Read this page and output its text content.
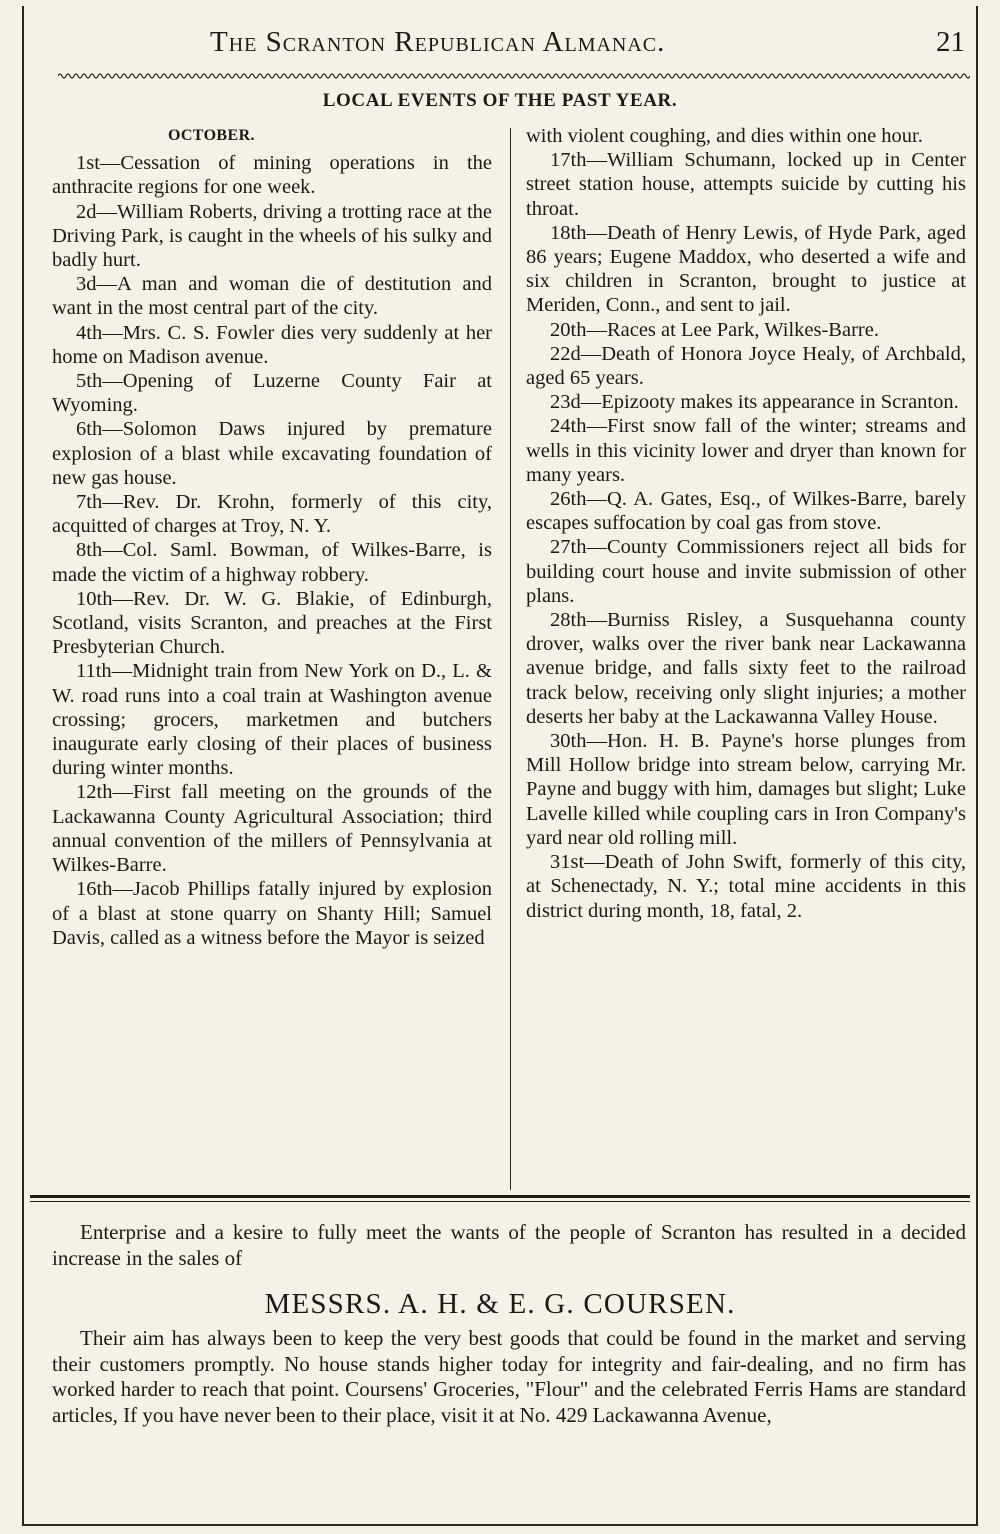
The Scranton Republican Almanac.	21
LOCAL EVENTS OF THE PAST YEAR.
OCTOBER.

1st—Cessation of mining operations in the anthracite regions for one week.

2d—William Roberts, driving a trotting race at the Driving Park, is caught in the wheels of his sulky and badly hurt.

3d—A man and woman die of destitution and want in the most central part of the city.

4th—Mrs. C. S. Fowler dies very suddenly at her home on Madison avenue.

5th—Opening of Luzerne County Fair at Wyoming.

6th—Solomon Daws injured by premature explosion of a blast while excavating foundation of new gas house.

7th—Rev. Dr. Krohn, formerly of this city, acquitted of charges at Troy, N. Y.

8th—Col. Saml. Bowman, of Wilkes-Barre, is made the victim of a highway robbery.

10th—Rev. Dr. W. G. Blakie, of Edinburgh, Scotland, visits Scranton, and preaches at the First Presbyterian Church.

11th—Midnight train from New York on D., L. & W. road runs into a coal train at Washington avenue crossing; grocers, marketmen and butchers inaugurate early closing of their places of business during winter months.

12th—First fall meeting on the grounds of the Lackawanna County Agricultural Association; third annual convention of the millers of Pennsylvania at Wilkes-Barre.

16th—Jacob Phillips fatally injured by explosion of a blast at stone quarry on Shanty Hill; Samuel Davis, called as a witness before the Mayor is seized

with violent coughing, and dies within one hour.

17th—William Schumann, locked up in Center street station house, attempts suicide by cutting his throat.

18th—Death of Henry Lewis, of Hyde Park, aged 86 years; Eugene Maddox, who deserted a wife and six children in Scranton, brought to justice at Meriden, Conn., and sent to jail.

20th—Races at Lee Park, Wilkes-Barre.

22d—Death of Honora Joyce Healy, of Archbald, aged 65 years.

23d—Epizooty makes its appearance in Scranton.

24th—First snow fall of the winter; streams and wells in this vicinity lower and dryer than known for many years.

26th—Q. A. Gates, Esq., of Wilkes-Barre, barely escapes suffocation by coal gas from stove.

27th—County Commissioners reject all bids for building court house and invite submission of other plans.

28th—Burniss Risley, a Susquehanna county drover, walks over the river bank near Lackawanna avenue bridge, and falls sixty feet to the railroad track below, receiving only slight injuries; a mother deserts her baby at the Lackawanna Valley House.

30th—Hon. H. B. Payne's horse plunges from Mill Hollow bridge into stream below, carrying Mr. Payne and buggy with him, damages but slight; Luke Lavelle killed while coupling cars in Iron Company's yard near old rolling mill.

31st—Death of John Swift, formerly of this city, at Schenectady, N. Y.; total mine accidents in this district during month, 18, fatal, 2.

Enterprise and a kesire to fully meet the wants of the people of Scranton has resulted in a decided increase in the sales of
MESSRS. A. H. & E. G. COURSEN.
Their aim has always been to keep the very best goods that could be found in the market and serving their customers promptly. No house stands higher today for integrity and fair-dealing, and no firm has worked harder to reach that point. Coursens' Groceries, "Flour" and the celebrated Ferris Hams are standard articles, If you have never been to their place, visit it at No. 429 Lackawanna Avenue,
